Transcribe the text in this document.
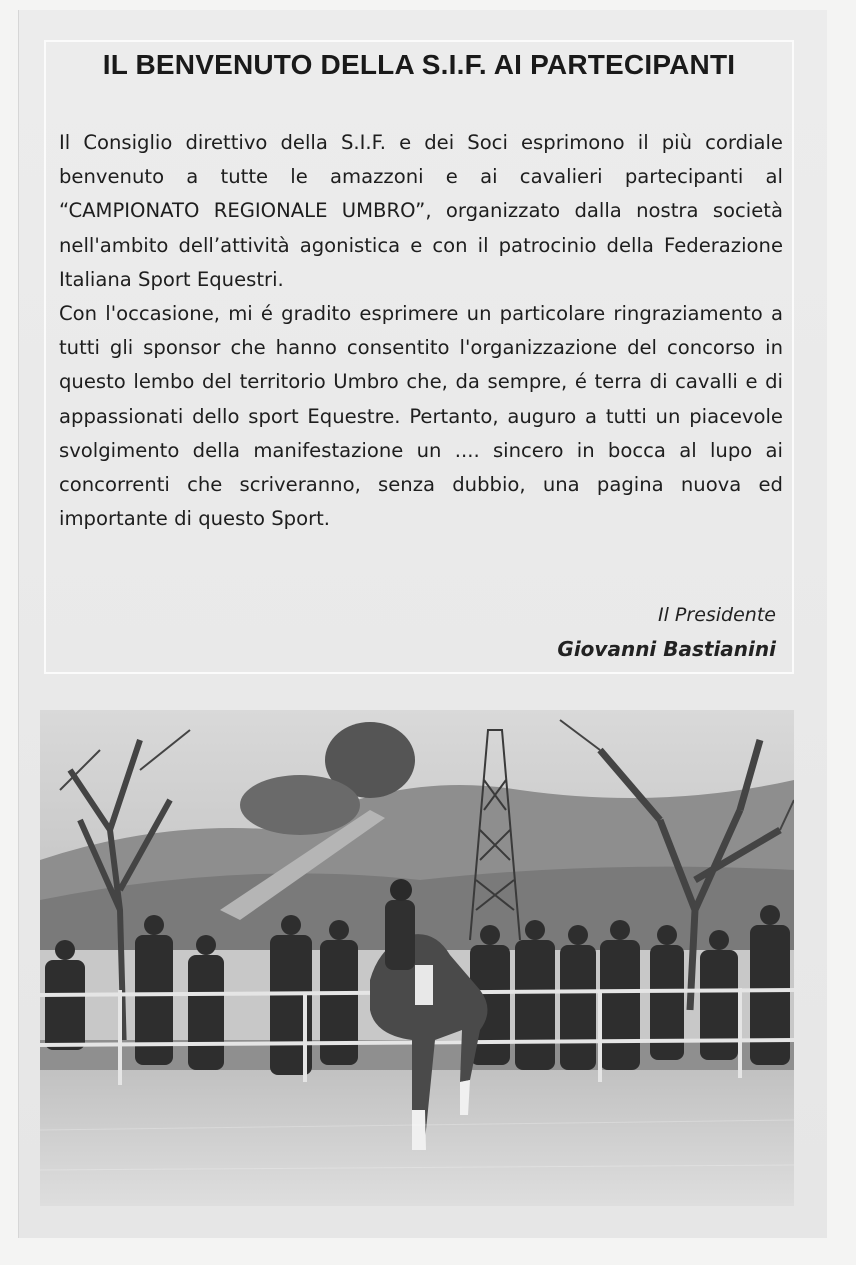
IL BENVENUTO DELLA S.I.F. AI PARTECIPANTI

Il Consiglio direttivo della S.I.F. e dei Soci esprimono il più cordiale benvenuto a tutte le amazzoni e ai cavalieri partecipanti al “CAMPIONATO REGIONALE UMBRO”, organizzato dalla nostra società nell'ambito dell’attività agonistica e con il patrocinio della Federazione Italiana Sport Equestri.

Con l'occasione, mi é gradito esprimere un particolare ringraziamento a tutti gli sponsor che hanno consentito l'organizzazione del concorso in questo lembo del territorio Umbro che, da sempre, é terra di cavalli e di appassionati dello sport Equestre. Pertanto, auguro a tutti un piacevole svolgimento della manifestazione un .... sincero in bocca al lupo ai concorrenti che scriveranno, senza dubbio, una pagina nuova ed importante di questo Sport.

Il Presidente
Giovanni Bastianini
